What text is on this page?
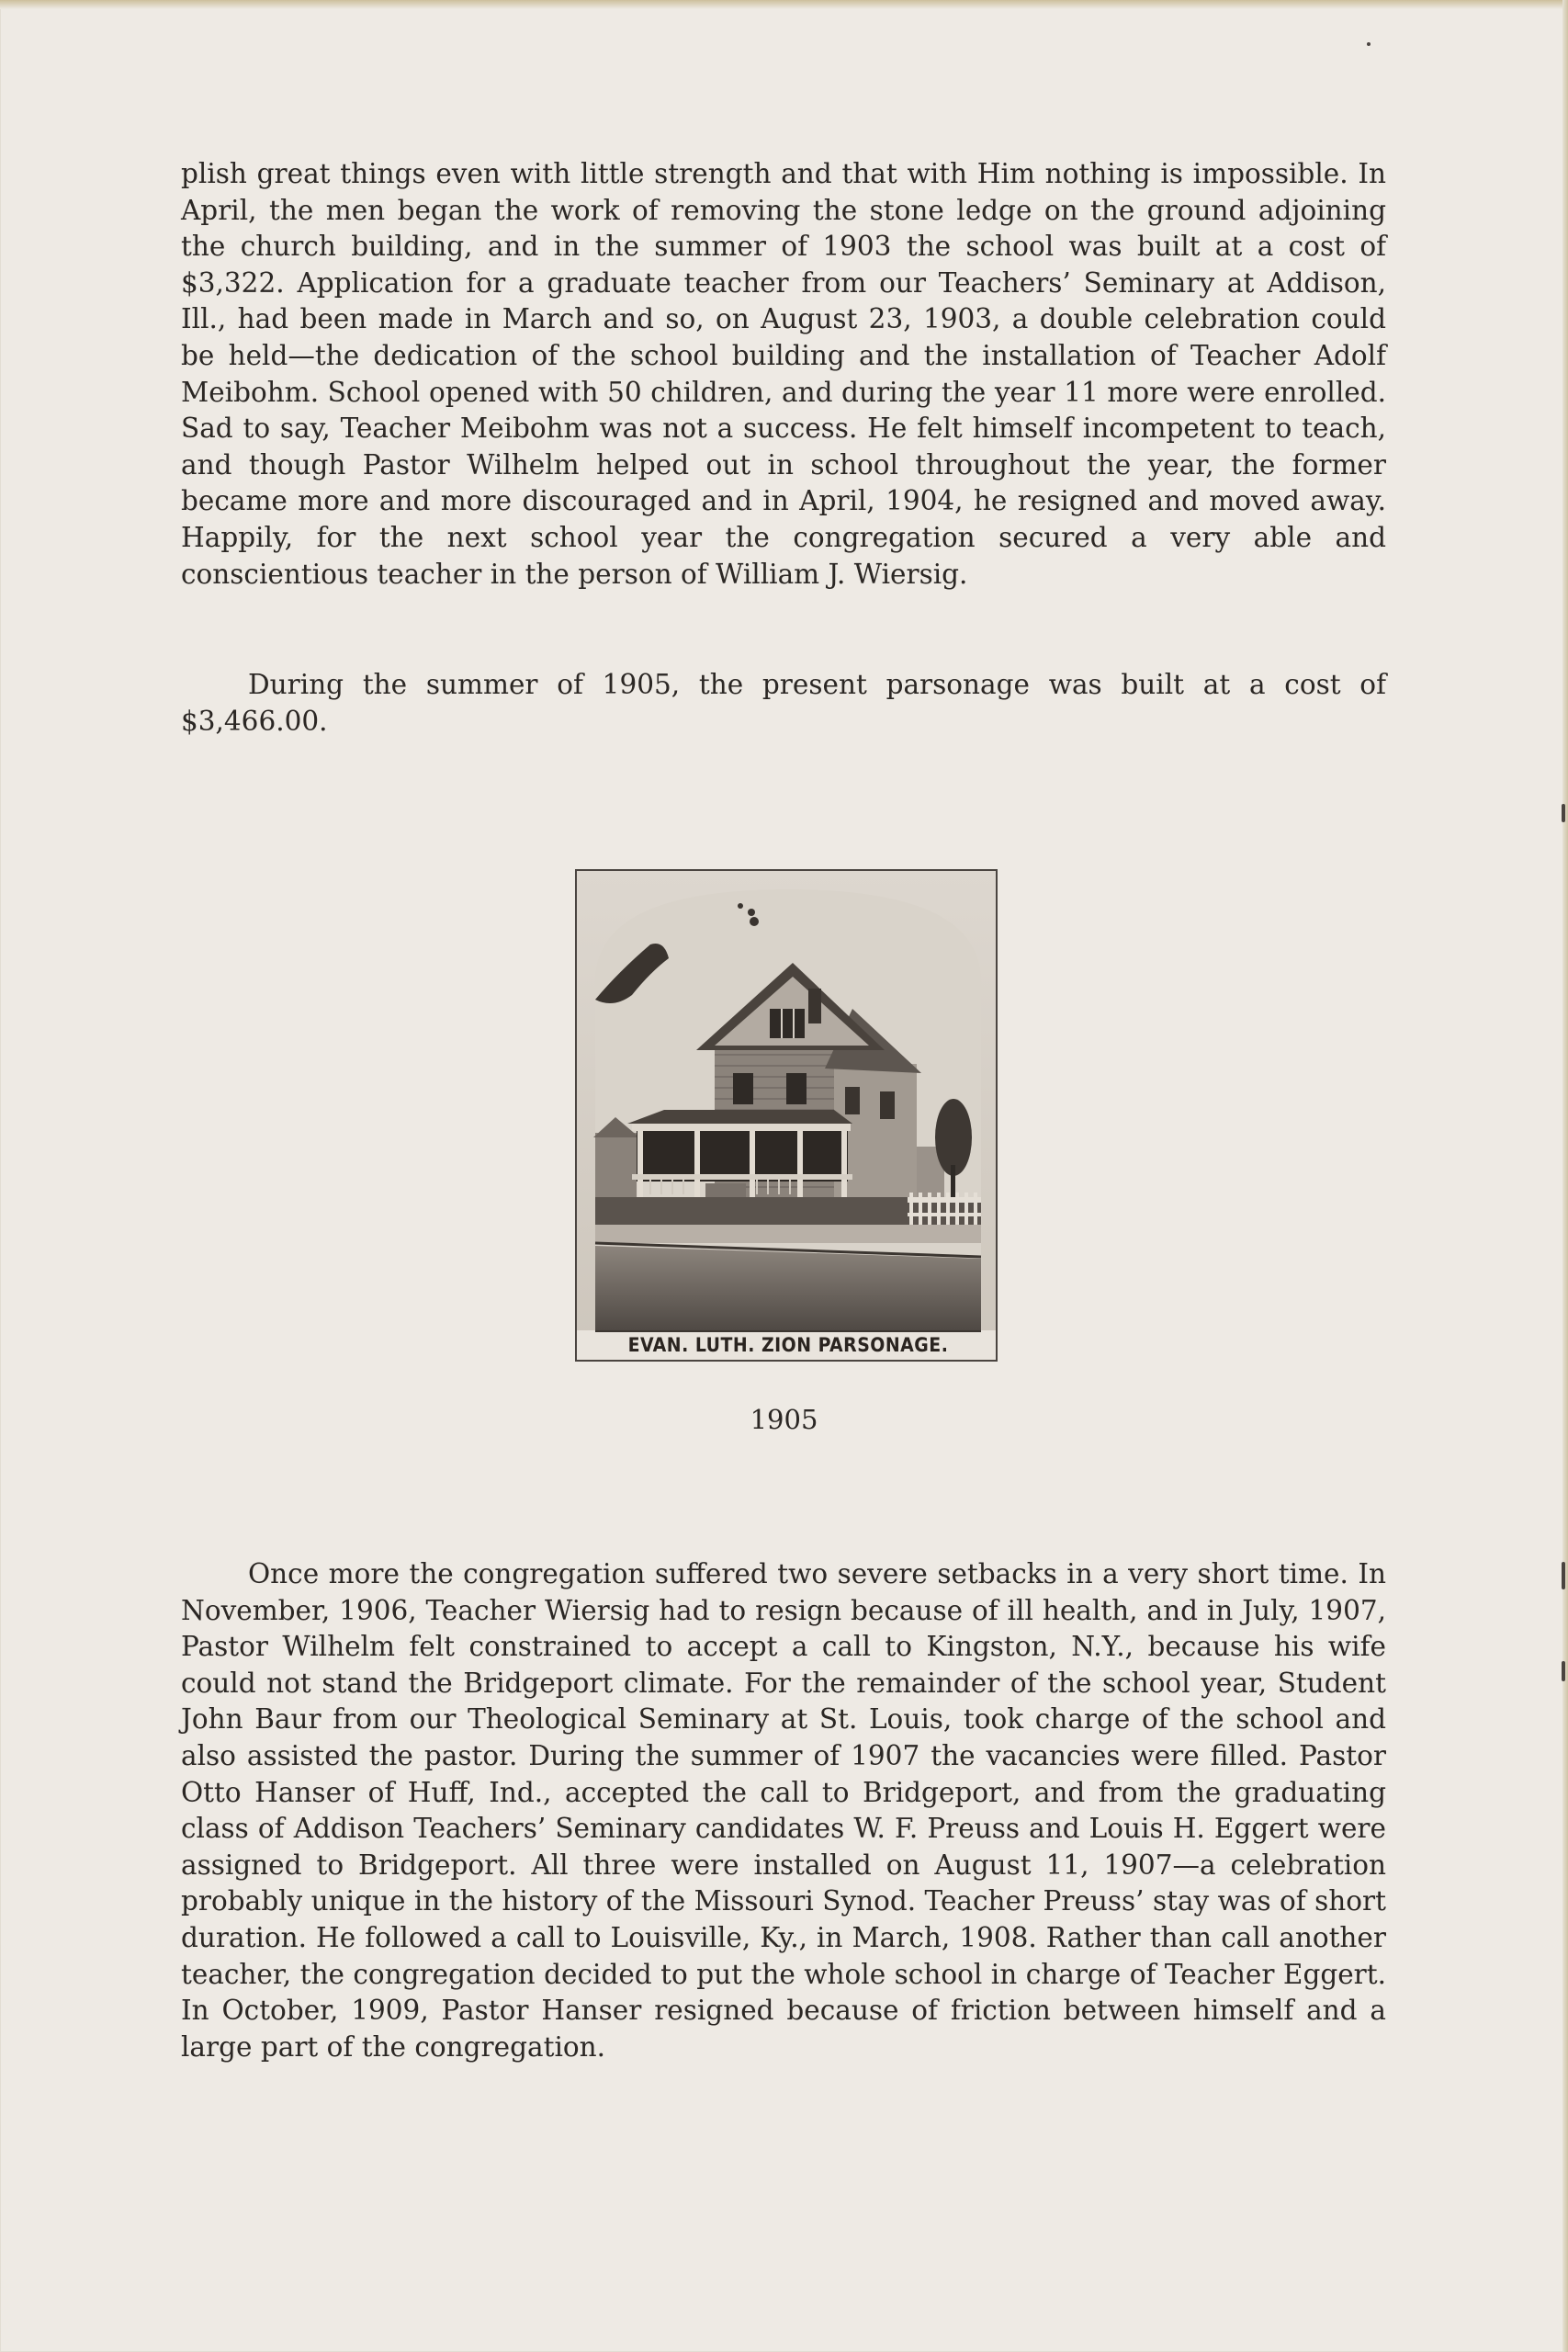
plish great things even with little strength and that with Him nothing is impossible. In April, the men began the work of removing the stone ledge on the ground adjoining the church building, and in the summer of 1903 the school was built at a cost of $3,322. Application for a graduate teacher from our Teachers’ Seminary at Addison, Ill., had been made in March and so, on August 23, 1903, a double celebration could be held—the dedication of the school building and the installation of Teacher Adolf Meibohm. School opened with 50 children, and during the year 11 more were enrolled. Sad to say, Teacher Meibohm was not a success. He felt himself incompetent to teach, and though Pastor Wilhelm helped out in school throughout the year, the former became more and more discouraged and in April, 1904, he resigned and moved away. Happily, for the next school year the congregation secured a very able and conscientious teacher in the person of William J. Wiersig.

During the summer of 1905, the present parsonage was built at a cost of $3,466.00.

EVAN. LUTH. ZION PARSONAGE.
1905

Once more the congregation suffered two severe setbacks in a very short time. In November, 1906, Teacher Wiersig had to resign because of ill health, and in July, 1907, Pastor Wilhelm felt constrained to accept a call to Kingston, N.Y., because his wife could not stand the Bridgeport climate. For the remainder of the school year, Student John Baur from our Theological Seminary at St. Louis, took charge of the school and also assisted the pastor. During the summer of 1907 the vacancies were filled. Pastor Otto Hanser of Huff, Ind., accepted the call to Bridgeport, and from the graduating class of Addison Teachers’ Seminary candidates W. F. Preuss and Louis H. Eggert were assigned to Bridgeport. All three were installed on August 11, 1907—a celebration probably unique in the history of the Missouri Synod. Teacher Preuss’ stay was of short duration. He followed a call to Louisville, Ky., in March, 1908. Rather than call another teacher, the congregation decided to put the whole school in charge of Teacher Eggert. In October, 1909, Pastor Hanser resigned because of friction between himself and a large part of the congregation.
